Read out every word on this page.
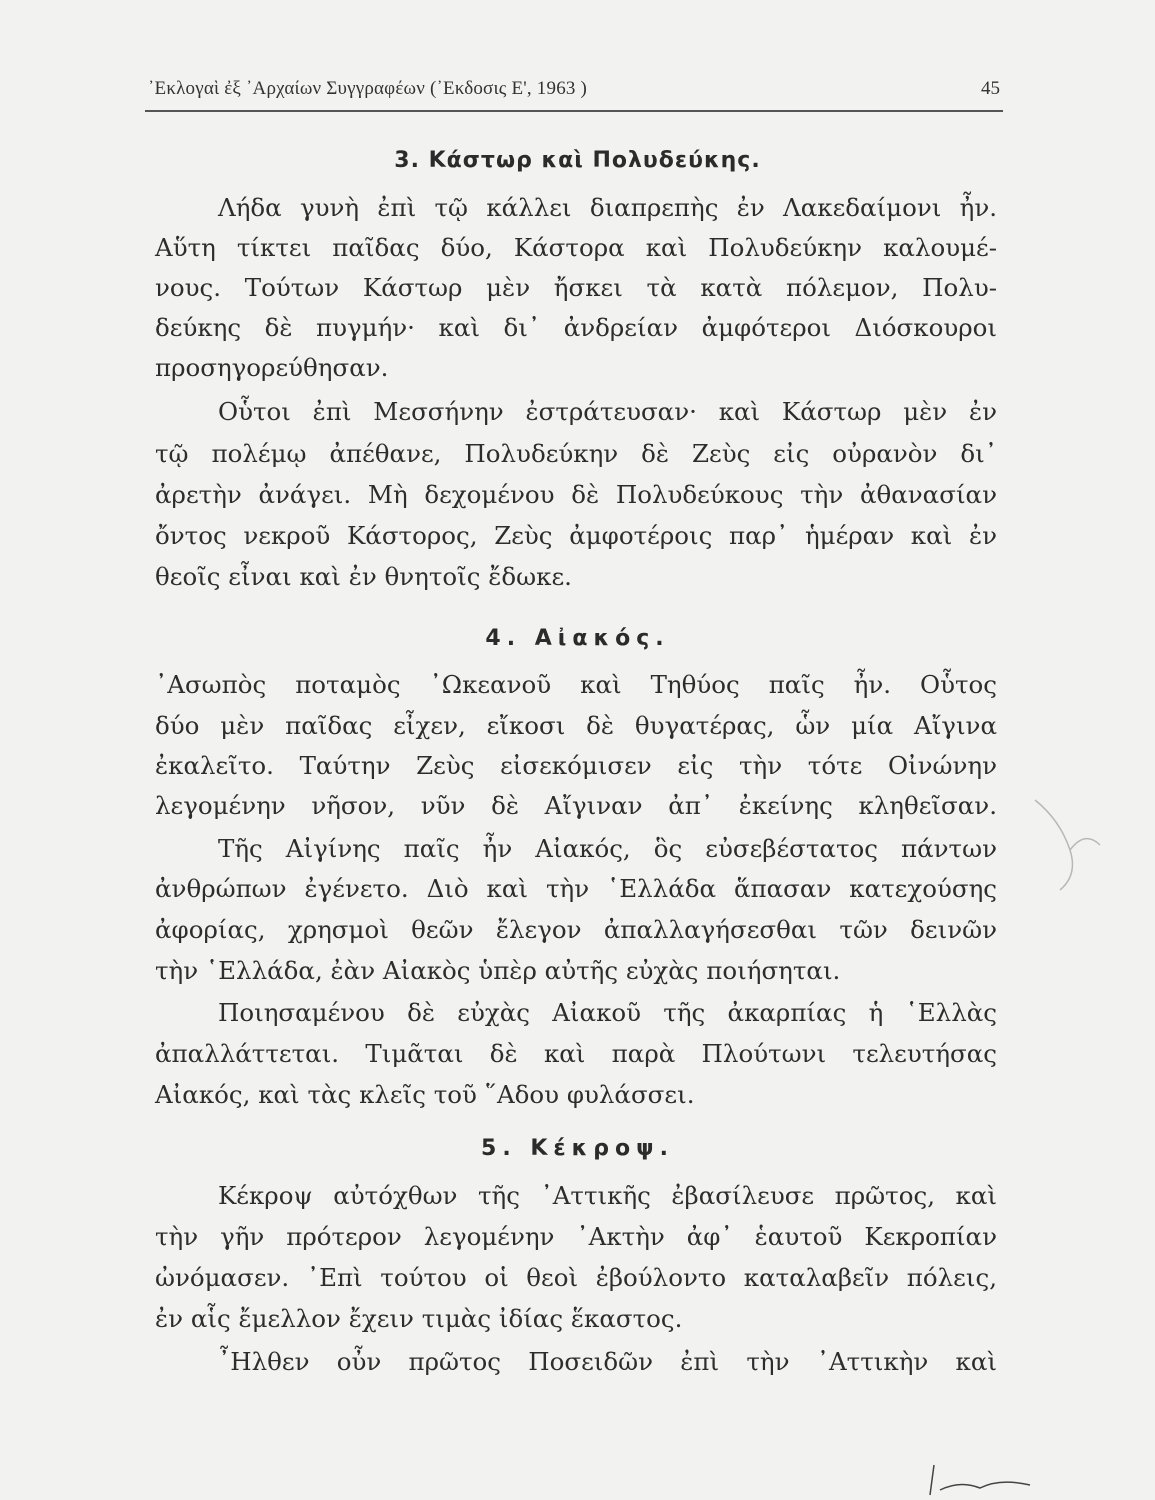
᾽Εκλογαὶ ἐξ ᾽Αρχαίων Συγγραφέων (᾽Εκδοσις Ε', 1963 )	45
3. Κάστωρ καὶ Πολυδεύκης.
Λήδα γυνὴ ἐπὶ τῷ κάλλει διαπρεπὴς ἐν Λακεδαίμονι ἦν.
Αὕτη τίκτει παῖδας δύο, Κάστορα καὶ Πολυδεύκην καλουμέ-
νους. Τούτων Κάστωρ μὲν ἤσκει τὰ κατὰ πόλεμον, Πολυ-
δεύκης δὲ πυγμήν· καὶ δι᾽ ἀνδρείαν ἀμφότεροι Διόσκουροι
προσηγορεύθησαν.
Οὗτοι ἐπὶ Μεσσήνην ἐστράτευσαν· καὶ Κάστωρ μὲν ἐν
τῷ πολέμῳ ἀπέθανε, Πολυδεύκην δὲ Ζεὺς εἰς οὐρανὸν δι᾽
ἀρετὴν ἀνάγει. Μὴ δεχομένου δὲ Πολυδεύκους τὴν ἀθανασίαν
ὄντος νεκροῦ Κάστορος, Ζεὺς ἀμφοτέροις παρ᾽ ἡμέραν καὶ ἐν
θεοῖς εἶναι καὶ ἐν θνητοῖς ἔδωκε.
4. Αἰακός.
᾽Ασωπὸς ποταμὸς ᾽Ωκεανοῦ καὶ Τηθύος παῖς ἦν. Οὗτος
δύο μὲν παῖδας εἶχεν, εἴκοσι δὲ θυγατέρας, ὧν μία Αἴγινα
ἐκαλεῖτο. Ταύτην Ζεὺς εἰσεκόμισεν εἰς τὴν τότε Οἰνώνην
λεγομένην νῆσον, νῦν δὲ Αἴγιναν ἀπ᾽ ἐκείνης κληθεῖσαν.
Τῆς Αἰγίνης παῖς ἦν Αἰακός, ὃς εὐσεβέστατος πάντων
ἀνθρώπων ἐγένετο. Διὸ καὶ τὴν ῾Ελλάδα ἅπασαν κατεχούσης
ἀφορίας, χρησμοὶ θεῶν ἔλεγον ἀπαλλαγήσεσθαι τῶν δεινῶν
τὴν ῾Ελλάδα, ἐὰν Αἰακὸς ὑπὲρ αὐτῆς εὐχὰς ποιήσηται.
Ποιησαμένου δὲ εὐχὰς Αἰακοῦ τῆς ἀκαρπίας ἡ ῾Ελλὰς
ἀπαλλάττεται. Τιμᾶται δὲ καὶ παρὰ Πλούτωνι τελευτήσας
Αἰακός, καὶ τὰς κλεῖς τοῦ ῞Αδου φυλάσσει.
5. Κέκροψ.
Κέκροψ αὐτόχθων τῆς ᾽Αττικῆς ἐβασίλευσε πρῶτος, καὶ
τὴν γῆν πρότερον λεγομένην ᾽Ακτὴν ἀφ᾽ ἑαυτοῦ Κεκροπίαν
ὠνόμασεν. ᾽Επὶ τούτου οἱ θεοὶ ἐβούλοντο καταλαβεῖν πόλεις,
ἐν αἷς ἔμελλον ἔχειν τιμὰς ἰδίας ἕκαστος.
῏Ηλθεν οὖν πρῶτος Ποσειδῶν ἐπὶ τὴν ᾽Αττικὴν καὶ
